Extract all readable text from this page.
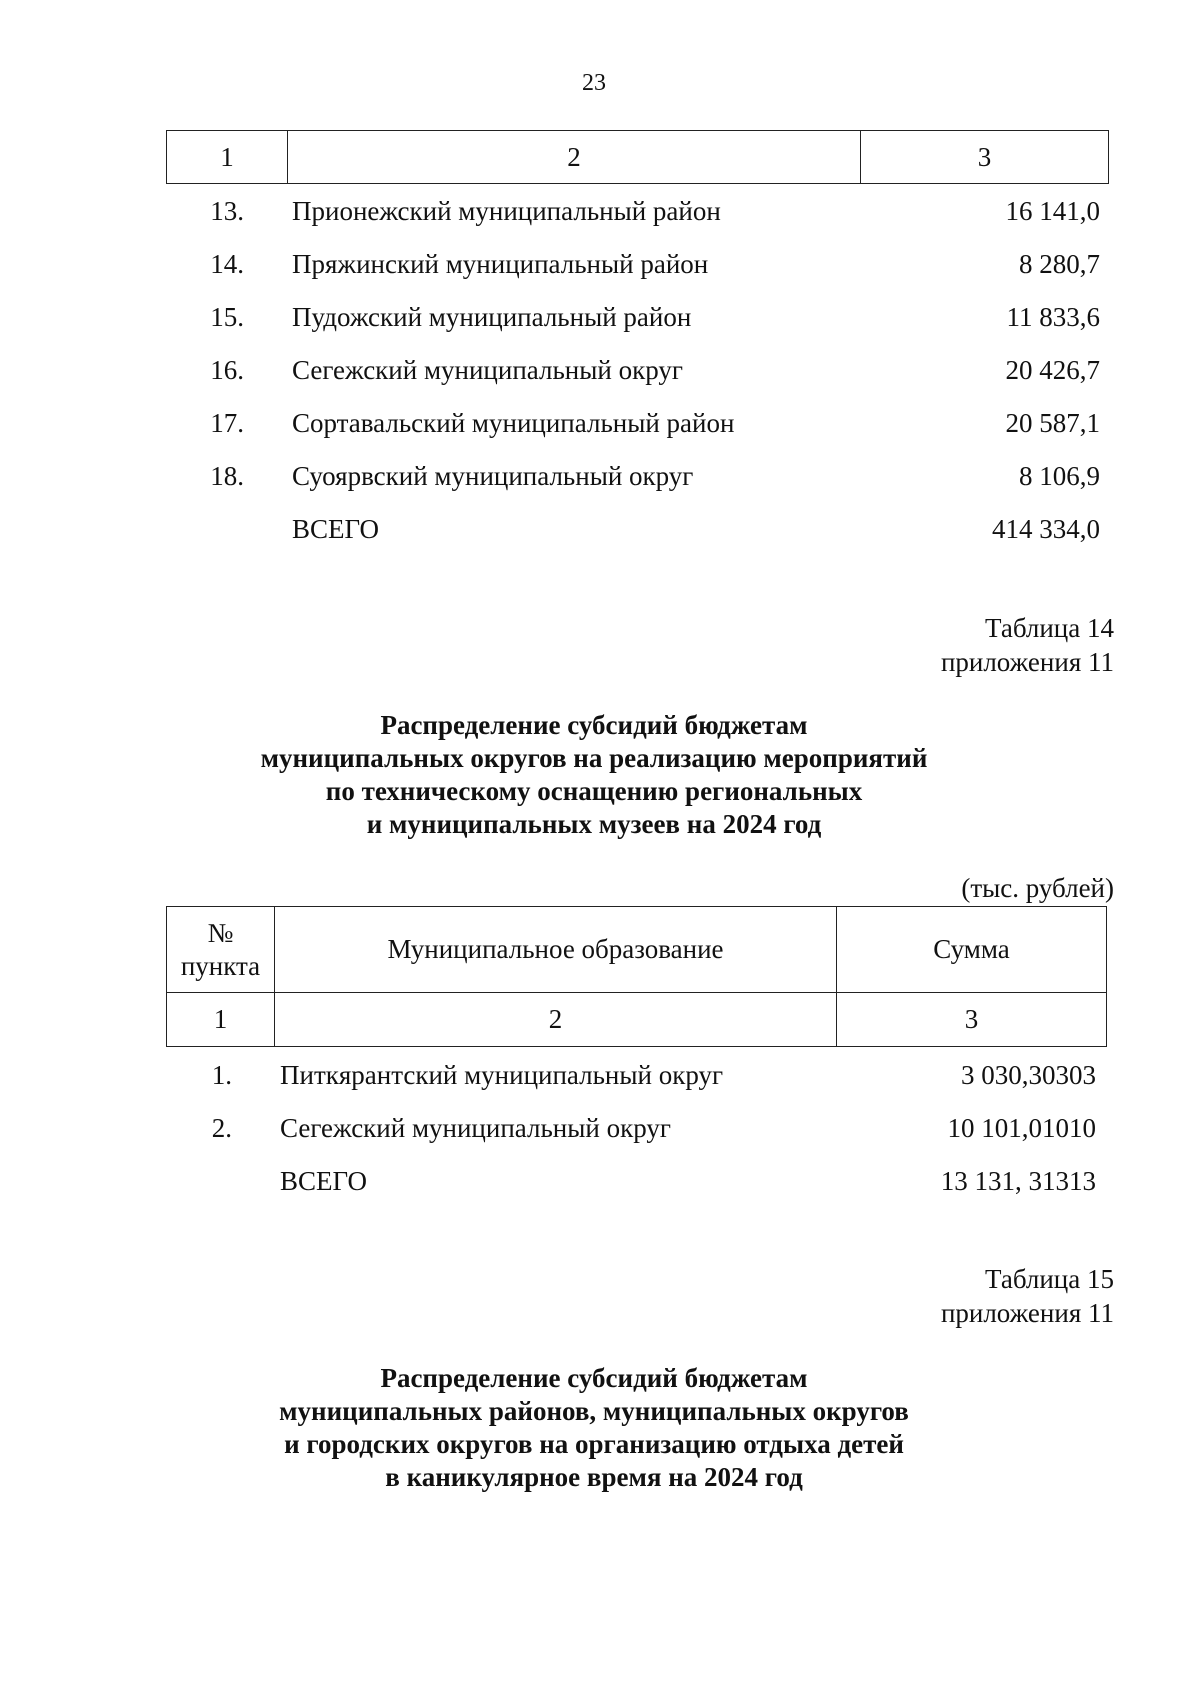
23
1	2	3
13. Прионежский муниципальный район	16 141,0
14. Пряжинский муниципальный район	8 280,7
15. Пудожский муниципальный район	11 833,6
16. Сегежский муниципальный округ	20 426,7
17. Сортавальский муниципальный район	20 587,1
18. Суоярвский муниципальный округ	8 106,9
ВСЕГО	414 334,0
Таблица 14
приложения 11
Распределение субсидий бюджетам
муниципальных округов на реализацию мероприятий
по техническому оснащению региональных
и муниципальных музеев на 2024 год
(тыс. рублей)
№
пункта	Муниципальное образование	Сумма
1	2	3
1. Питкярантский муниципальный округ	3 030,30303
2. Сегежский муниципальный округ	10 101,01010
ВСЕГО	13 131, 31313
Таблица 15
приложения 11
Распределение субсидий бюджетам
муниципальных районов, муниципальных округов
и городских округов на организацию отдыха детей
в каникулярное время на 2024 год
